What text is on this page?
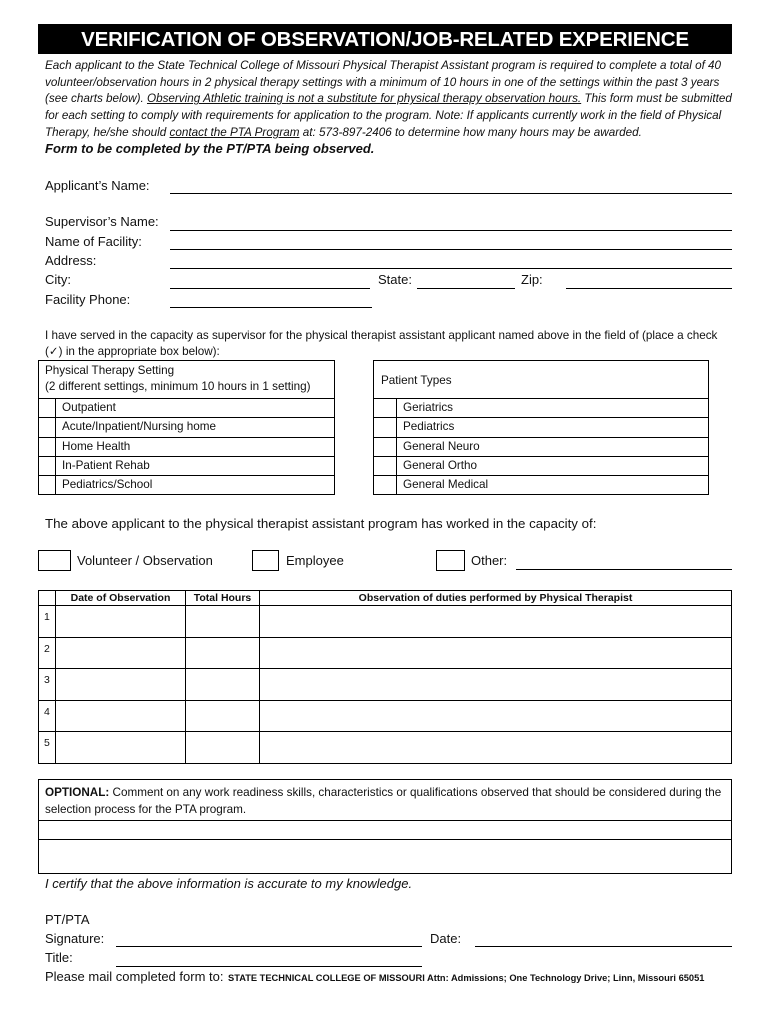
VERIFICATION OF OBSERVATION/JOB-RELATED EXPERIENCE
Each applicant to the State Technical College of Missouri Physical Therapist Assistant program is required to complete a total of 40 volunteer/observation hours in 2 physical therapy settings with a minimum of 10 hours in one of the settings within the past 3 years (see charts below). Observing Athletic training is not a substitute for physical therapy observation hours. This form must be submitted for each setting to comply with requirements for application to the program. Note: If applicants currently work in the field of Physical Therapy, he/she should contact the PTA Program at: 573-897-2406 to determine how many hours may be awarded.
Form to be completed by the PT/PTA being observed.
Applicant’s Name:
Supervisor’s Name:
Name of Facility:
Address:
City:	State:	Zip:
Facility Phone:
I have served in the capacity as supervisor for the physical therapist assistant applicant named above in the field of (place a check (✓) in the appropriate box below):
Physical Therapy Setting
(2 different settings, minimum 10 hours in 1 setting)
	Outpatient
	Acute/Inpatient/Nursing home
	Home Health
	In-Patient Rehab
	Pediatrics/School
Patient Types
	Geriatrics
	Pediatrics
	General Neuro
	General Ortho
	General Medical
The above applicant to the physical therapist assistant program has worked in the capacity of:
Volunteer / Observation	Employee	Other:
	Date of Observation	Total Hours	Observation of duties performed by Physical Therapist
1			
2			
3			
4			
5			
OPTIONAL: Comment on any work readiness skills, characteristics or qualifications observed that should be considered during the selection process for the PTA program.
I certify that the above information is accurate to my knowledge.
PT/PTA
Signature:	Date:
Title:
Please mail completed form to: STATE TECHNICAL COLLEGE OF MISSOURI Attn: Admissions; One Technology Drive; Linn, Missouri 65051
